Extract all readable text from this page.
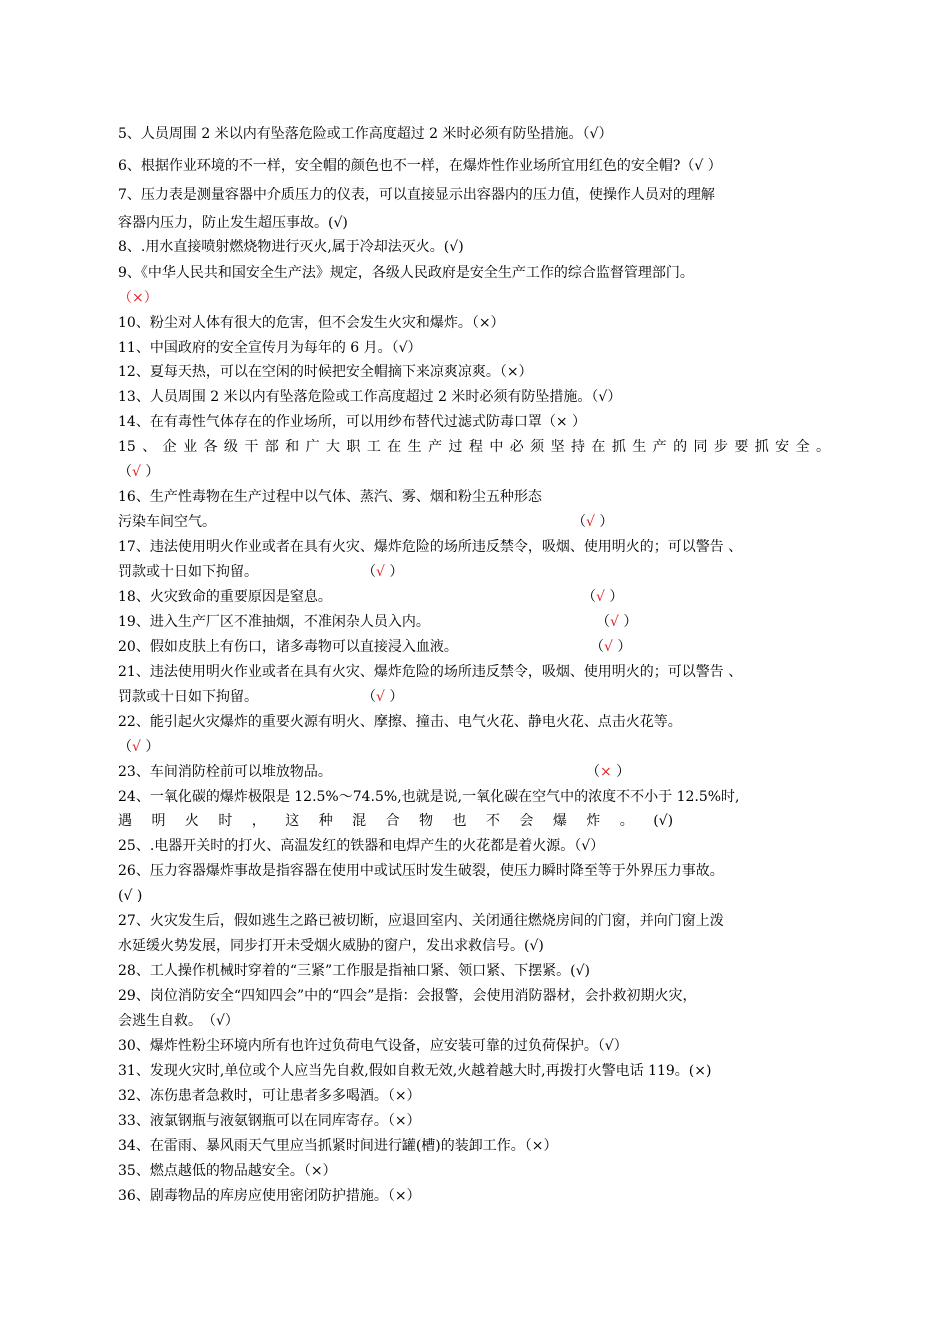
5、人员周围 2 米以内有坠落危险或工作高度超过 2 米时必须有防坠措施。（√）
6、根据作业环境的不一样，安全帽的颜色也不一样，在爆炸性作业场所宜用红色的安全帽?（√ ）
7、压力表是测量容器中介质压力的仪表，可以直接显示出容器内的压力值，使操作人员对的理解
容器内压力，防止发生超压事故。(√)
8、.用水直接喷射燃烧物进行灭火,属于冷却法灭火。(√)
9、《中华人民共和国安全生产法》规定，各级人民政府是安全生产工作的综合监督管理部门。
（×）
10、粉尘对人体有很大的危害，但不会发生火灾和爆炸。（×）
11、中国政府的安全宣传月为每年的 6 月。（√）
12、夏每天热，可以在空闲的时候把安全帽摘下来凉爽凉爽。（×）
13、人员周围 2 米以内有坠落危险或工作高度超过 2 米时必须有防坠措施。（√）
14、在有毒性气体存在的作业场所，可以用纱布替代过滤式防毒口罩（× ）
15、企业各级干部和广大职工在生产过程中必须坚持在抓生产的同步要抓安全。
（√ ）
16、生产性毒物在生产过程中以气体、蒸汽、雾、烟和粉尘五种形态
污染车间空气。	（√ ）
17、违法使用明火作业或者在具有火灾、爆炸危险的场所违反禁令，吸烟、使用明火的；可以警告 、
罚款或十日如下拘留。	（√ ）
18、火灾致命的重要原因是窒息。	（√ ）
19、进入生产厂区不准抽烟，不准闲杂人员入内。	（√ ）
20、假如皮肤上有伤口，诸多毒物可以直接浸入血液。	（√ ）
21、违法使用明火作业或者在具有火灾、爆炸危险的场所违反禁令，吸烟、使用明火的；可以警告 、
罚款或十日如下拘留。	（√ ）
22、能引起火灾爆炸的重要火源有明火、摩擦、撞击、电气火花、静电火花、点击火花等。
（√ ）
23、车间消防栓前可以堆放物品。	（× ）
24、一氧化碳的爆炸极限是 12.5%～74.5%,也就是说,一氧化碳在空气中的浓度不不小于 12.5%时,
遇 明 火 时 ， 这 种 混 合 物 也 不 会 爆 炸 。 (√)
25、.电器开关时的打火、高温发红的铁器和电焊产生的火花都是着火源。（√）
26、压力容器爆炸事故是指容器在使用中或试压时发生破裂，使压力瞬时降至等于外界压力事故。
(√ )
27、火灾发生后，假如逃生之路已被切断，应退回室内、关闭通往燃烧房间的门窗，并向门窗上泼
水延缓火势发展，同步打开未受烟火威胁的窗户，发出求救信号。(√)
28、工人操作机械时穿着的“三紧”工作服是指袖口紧、领口紧、下摆紧。(√)
29、岗位消防安全“四知四会”中的“四会”是指：会报警，会使用消防器材，会扑救初期火灾，
会逃生自救。　（√）
30、爆炸性粉尘环境内所有也许过负荷电气设备，应安装可靠的过负荷保护。（√）
31、发现火灾时,单位或个人应当先自救,假如自救无效,火越着越大时,再拨打火警电话 119。(×)
32、冻伤患者急救时，可让患者多多喝酒。（×）
33、液氯钢瓶与液氨钢瓶可以在同库寄存。（×）
34、在雷雨、暴风雨天气里应当抓紧时间进行罐(槽)的装卸工作。（×）
35、燃点越低的物品越安全。（×）
36、剧毒物品的库房应使用密闭防护措施。（×）
